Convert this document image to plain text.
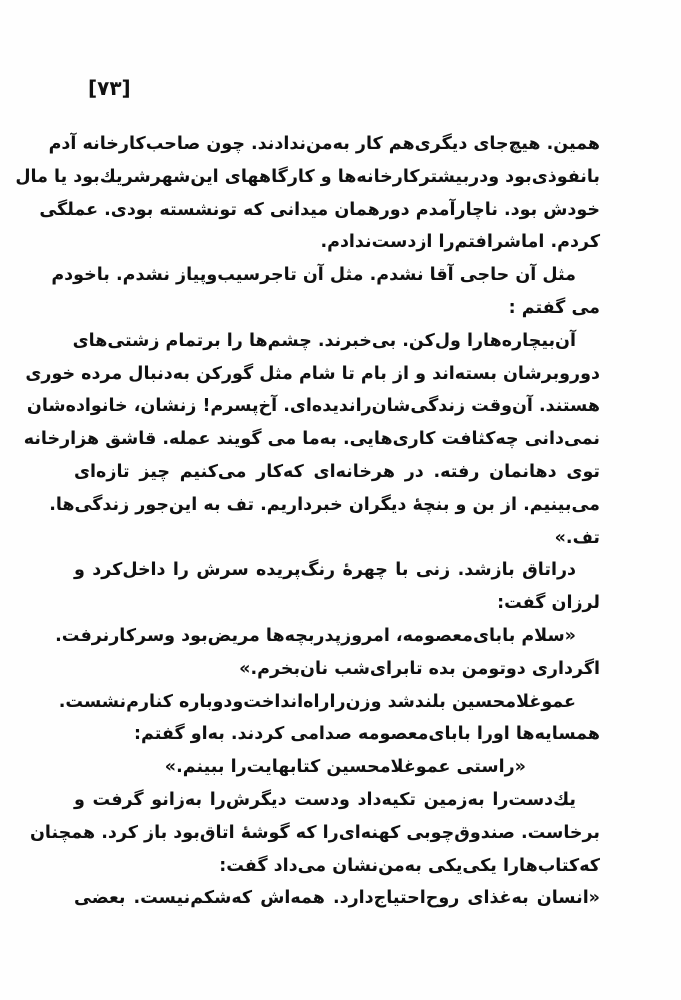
[۷۳]
همین. هیچ‌جای دیگری‌هم کار به‌من‌ندادند. چون صاحب‌کارخانه آدم
بانفوذی‌بود ودربیشترکارخانه‌ها و کارگاههای این‌شهرشریك‌بود یا مال
خودش بود. ناچارآمدم دورهمان میدانی که تونشسته بودی. عملگی
کردم. اماشرافتم‌را ازدست‌ندادم.
مثل آن حاجی آقا نشدم. مثل آن تاجرسیب‌وپیاز نشدم. باخودم
می گفتم :
آن‌بیچاره‌هارا ول‌کن. بی‌خبرند. چشم‌ها را برتمام زشتی‌های
دوروبرشان بسته‌اند و از بام تا شام مثل گورکن به‌دنبال مرده خوری
هستند. آن‌وقت زندگی‌شان‌راندیده‌ای. آخ‌پسرم! زنشان، خانواده‌شان
نمی‌دانی چه‌کثافت کاری‌هایی. به‌ما می گویند عمله. قاشق هزارخانه
توی دهانمان رفته. در هرخانه‌ای که‌کار می‌کنیم چیز تازه‌ای
می‌بینیم. از بن و بنچهٔ دیگران خبرداریم. تف به این‌جور زندگی‌ها.
تف.»
دراتاق بازشد. زنی با چهرهٔ رنگ‌پریده سرش را داخل‌کرد و
لرزان گفت:
«سلام بابای‌معصومه، امروزپدربچه‌ها مریض‌بود وسرکارنرفت.
اگرداری دوتومن بده تابرای‌شب نان‌بخرم.»
عموغلامحسین بلندشد وزن‌راراه‌انداخت‌ودوباره کنارم‌نشست.
همسایه‌ها اورا بابای‌معصومه صدامی کردند. به‌او گفتم:
«راستی عموغلامحسین کتابهایت‌را ببینم.»
یك‌دست‌را به‌زمین تکیه‌داد ودست دیگرش‌را به‌زانو گرفت و
برخاست. صندوق‌چوبی کهنه‌ای‌را که گوشهٔ اتاق‌بود باز کرد. همچنان
که‌کتاب‌هارا یکی‌یکی به‌من‌نشان می‌داد گفت:
«انسان به‌غذای روح‌احتیاج‌دارد. همه‌اش که‌شکم‌نیست. بعضی
